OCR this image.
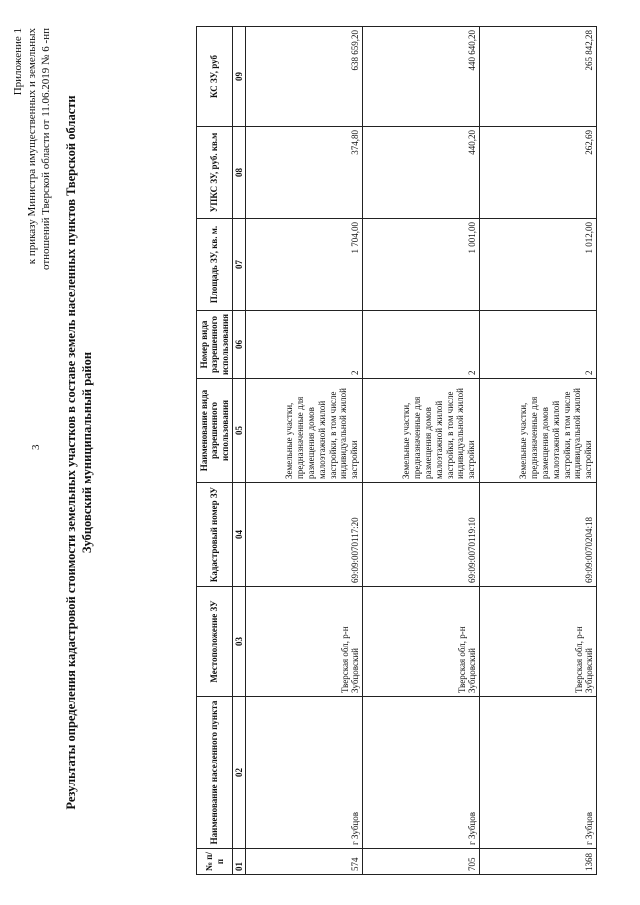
3
Приложение 1 к приказу Министра имущественных и земельных отношений Тверской области от 11.06.2019 № 6 -нп Результаты определения кадастровой стоимости земельных участков в составе земель населенных пунктов Тверской области Зубцовский муниципальный район
№ п/п	Наименование населенного пункта	Местоположение ЗУ	Кадастровый номер ЗУ	Наименование вида разрешенного использования	Номер вида разрешенного использования	Площадь ЗУ, кв. м.	УПКС ЗУ, руб. кв.м	КС ЗУ, руб
01	02	03	04	05	06	07	08	09
574	г Зубцов	Тверская обл, р-н Зубцовский	69:09:0070117:20	Земельные участки, предназначенные для размещения домов малоэтажной жилой застройки, в том числе индивидуальной жилой застройки	2	1 704,00	374,80	638 659,20
705	г Зубцов	Тверская обл, р-н Зубцовский	69:09:0070119:10	Земельные участки, предназначенные для размещения домов малоэтажной жилой застройки, в том числе индивидуальной жилой застройки	2	1 001,00	440,20	440 640,20
1368	г Зубцов	Тверская обл, р-н Зубцовский	69:09:0070204:18	Земельные участки, предназначенные для размещения домов малоэтажной жилой застройки, в том числе индивидуальной жилой застройки	2	1 012,00	262,69	265 842,28
